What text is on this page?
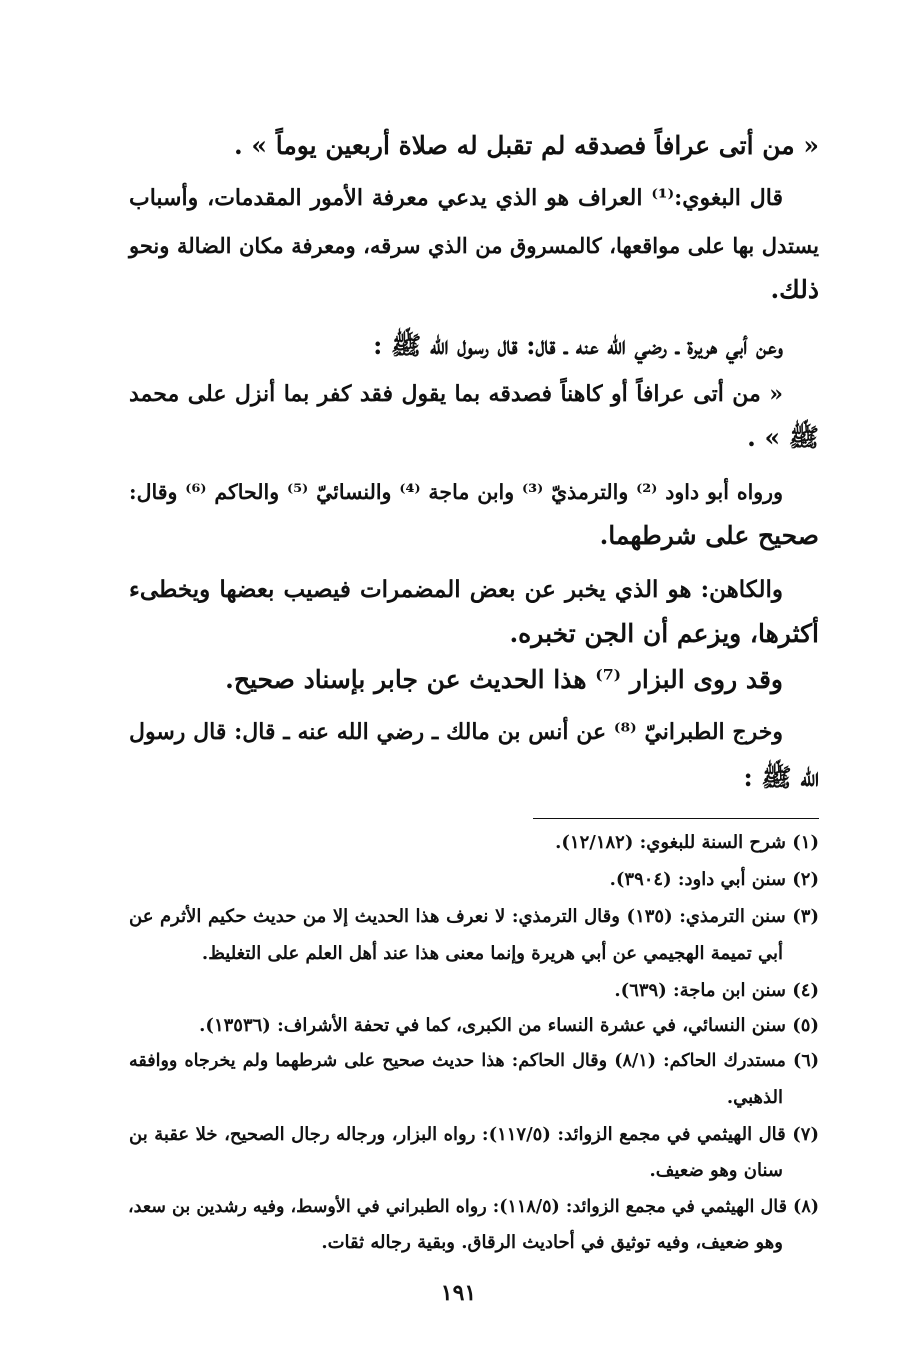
« من أتى عرافاً فصدقه لم تقبل له صلاة أربعين يوماً » .
قال البغوي:⁽¹⁾ العراف هو الذي يدعي معرفة الأمور المقدمات، وأسباب
يستدل بها على مواقعها، كالمسروق من الذي سرقه، ومعرفة مكان الضالة ونحو
ذلك.
وعن أبي هريرة ـ رضي الله عنه ـ قال: قال رسول الله ﷺ :
« من أتى عرافاً أو كاهناً فصدقه بما يقول فقد كفر بما أنزل على محمد
ﷺ » .
ورواه أبو داود ⁽²⁾ والترمذيّ ⁽³⁾ وابن ماجة ⁽⁴⁾ والنسائيّ ⁽⁵⁾ والحاكم ⁽⁶⁾ وقال:
صحيح على شرطهما.
والكاهن: هو الذي يخبر عن بعض المضمرات فيصيب بعضها ويخطىء
أكثرها، ويزعم أن الجن تخبره.
وقد روى البزار ⁽⁷⁾ هذا الحديث عن جابر بإسناد صحيح.
وخرج الطبرانيّ ⁽⁸⁾ عن أنس بن مالك ـ رضي الله عنه ـ قال: قال رسول
الله ﷺ :
(١) شرح السنة للبغوي: (١٢/١٨٢).
(٢) سنن أبي داود: (٣٩٠٤).
(٣) سنن الترمذي: (١٣٥) وقال الترمذي: لا نعرف هذا الحديث إلا من حديث حكيم الأثرم عن
أبي تميمة الهجيمي عن أبي هريرة وإنما معنى هذا عند أهل العلم على التغليظ.
(٤) سنن ابن ماجة: (٦٣٩).
(٥) سنن النسائي، في عشرة النساء من الكبرى، كما في تحفة الأشراف: (١٣٥٣٦).
(٦) مستدرك الحاكم: (٨/١) وقال الحاكم: هذا حديث صحيح على شرطهما ولم يخرجاه ووافقه
الذهبي.
(٧) قال الهيثمي في مجمع الزوائد: (١١٧/٥): رواه البزار، ورجاله رجال الصحيح، خلا عقبة بن
سنان وهو ضعيف.
(٨) قال الهيثمي في مجمع الزوائد: (١١٨/٥): رواه الطبراني في الأوسط، وفيه رشدين بن سعد،
وهو ضعيف، وفيه توثيق في أحاديث الرقاق. وبقية رجاله ثقات.
١٩١
